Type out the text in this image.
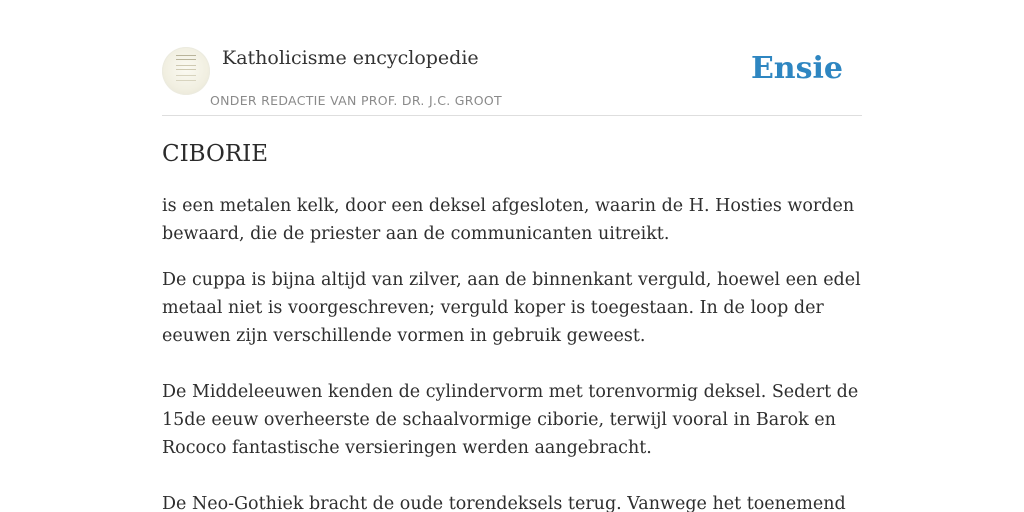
Katholicisme encyclopedie
ONDER REDACTIE VAN PROF. DR. J.C. GROOT
Ensie
CIBORIE

is een metalen kelk, door een deksel afgesloten, waarin de H. Hosties worden bewaard, die de priester aan de communicanten uitreikt.

De cuppa is bijna altijd van zilver, aan de binnenkant verguld, hoewel een edel metaal niet is voorgeschreven; verguld koper is toegestaan. In de loop der eeuwen zijn verschillende vormen in gebruik geweest.

De Middeleeuwen kenden de cylindervorm met torenvormig deksel. Sedert de 15de eeuw overheerste de schaalvormige ciborie, terwijl vooral in Barok en Rococo fantastische versieringen werden aangebracht.

De Neo-Gothiek bracht de oude torendeksels terug. Vanwege het toenemend
